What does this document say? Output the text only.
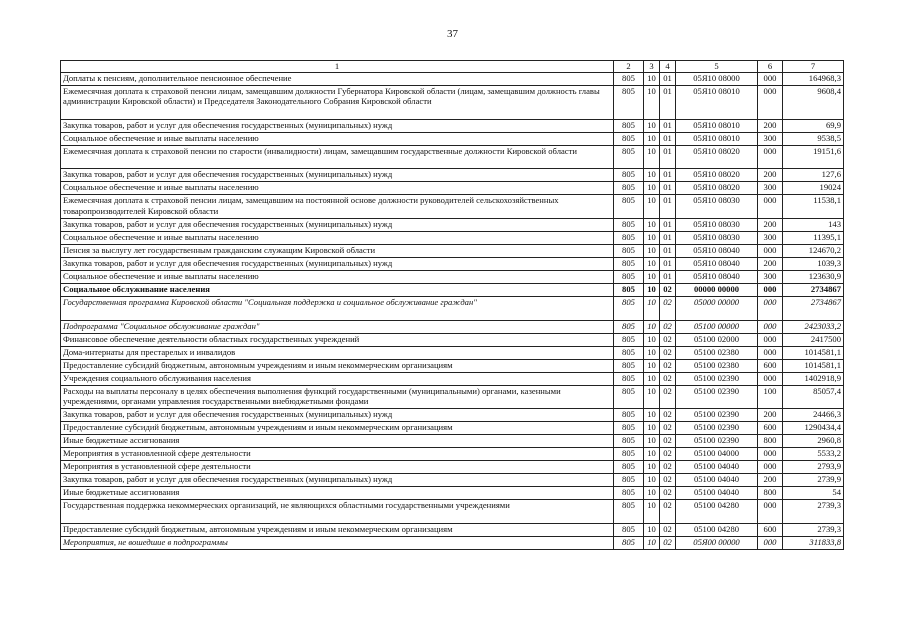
37
1	2	3	4	5	6	7
Доплаты к пенсиям, дополнительное пенсионное обеспечение	805	10	01	05Я10 08000	000	164968,3
Ежемесячная доплата к страховой пенсии лицам, замещавшим должности Губернатора Кировской области (лицам, замещавшим должность главы администрации Кировской области) и Председателя Законодательного Собрания Кировской области	805	10	01	05Я10 08010	000	9608,4
Закупка товаров, работ и услуг для обеспечения государственных (муниципальных) нужд	805	10	01	05Я10 08010	200	69,9
Социальное обеспечение и иные выплаты населению	805	10	01	05Я10 08010	300	9538,5
Ежемесячная доплата к страховой пенсии по старости (инвалидности) лицам, замещавшим государственные должности Кировской области	805	10	01	05Я10 08020	000	19151,6
Закупка товаров, работ и услуг для обеспечения государственных (муниципальных) нужд	805	10	01	05Я10 08020	200	127,6
Социальное обеспечение и иные выплаты населению	805	10	01	05Я10 08020	300	19024
Ежемесячная доплата к страховой пенсии лицам, замещавшим на постоянной основе должности руководителей сельскохозяйственных товаропроизводителей Кировской области	805	10	01	05Я10 08030	000	11538,1
Закупка товаров, работ и услуг для обеспечения государственных (муниципальных) нужд	805	10	01	05Я10 08030	200	143
Социальное обеспечение и иные выплаты населению	805	10	01	05Я10 08030	300	11395,1
Пенсия за выслугу лет государственным гражданским служащим Кировской области	805	10	01	05Я10 08040	000	124670,2
Закупка товаров, работ и услуг для обеспечения государственных (муниципальных) нужд	805	10	01	05Я10 08040	200	1039,3
Социальное обеспечение и иные выплаты населению	805	10	01	05Я10 08040	300	123630,9
Социальное обслуживание населения	805	10	02	00000 00000	000	2734867
Государственная программа Кировской области "Социальная поддержка и социальное обслуживание граждан"	805	10	02	05000 00000	000	2734867
Подпрограмма "Социальное обслуживание граждан"	805	10	02	05100 00000	000	2423033,2
Финансовое обеспечение деятельности областных государственных учреждений	805	10	02	05100 02000	000	2417500
Дома-интернаты для престарелых и инвалидов	805	10	02	05100 02380	000	1014581,1
Предоставление субсидий бюджетным, автономным учреждениям и иным некоммерческим организациям	805	10	02	05100 02380	600	1014581,1
Учреждения социального обслуживания населения	805	10	02	05100 02390	000	1402918,9
Расходы на выплаты персоналу в целях обеспечения выполнения функций государственными (муниципальными) органами, казенными учреждениями, органами управления государственными внебюджетными фондами	805	10	02	05100 02390	100	85057,4
Закупка товаров, работ и услуг для обеспечения государственных (муниципальных) нужд	805	10	02	05100 02390	200	24466,3
Предоставление субсидий бюджетным, автономным учреждениям и иным некоммерческим организациям	805	10	02	05100 02390	600	1290434,4
Иные бюджетные ассигнования	805	10	02	05100 02390	800	2960,8
Мероприятия в установленной сфере деятельности	805	10	02	05100 04000	000	5533,2
Мероприятия в установленной сфере деятельности	805	10	02	05100 04040	000	2793,9
Закупка товаров, работ и услуг для обеспечения государственных (муниципальных) нужд	805	10	02	05100 04040	200	2739,9
Иные бюджетные ассигнования	805	10	02	05100 04040	800	54
Государственная поддержка некоммерческих организаций, не являющихся областными государственными учреждениями	805	10	02	05100 04280	000	2739,3
Предоставление субсидий бюджетным, автономным учреждениям и иным некоммерческим организациям	805	10	02	05100 04280	600	2739,3
Мероприятия, не вошедшие в подпрограммы	805	10	02	05Я00 00000	000	311833,8
